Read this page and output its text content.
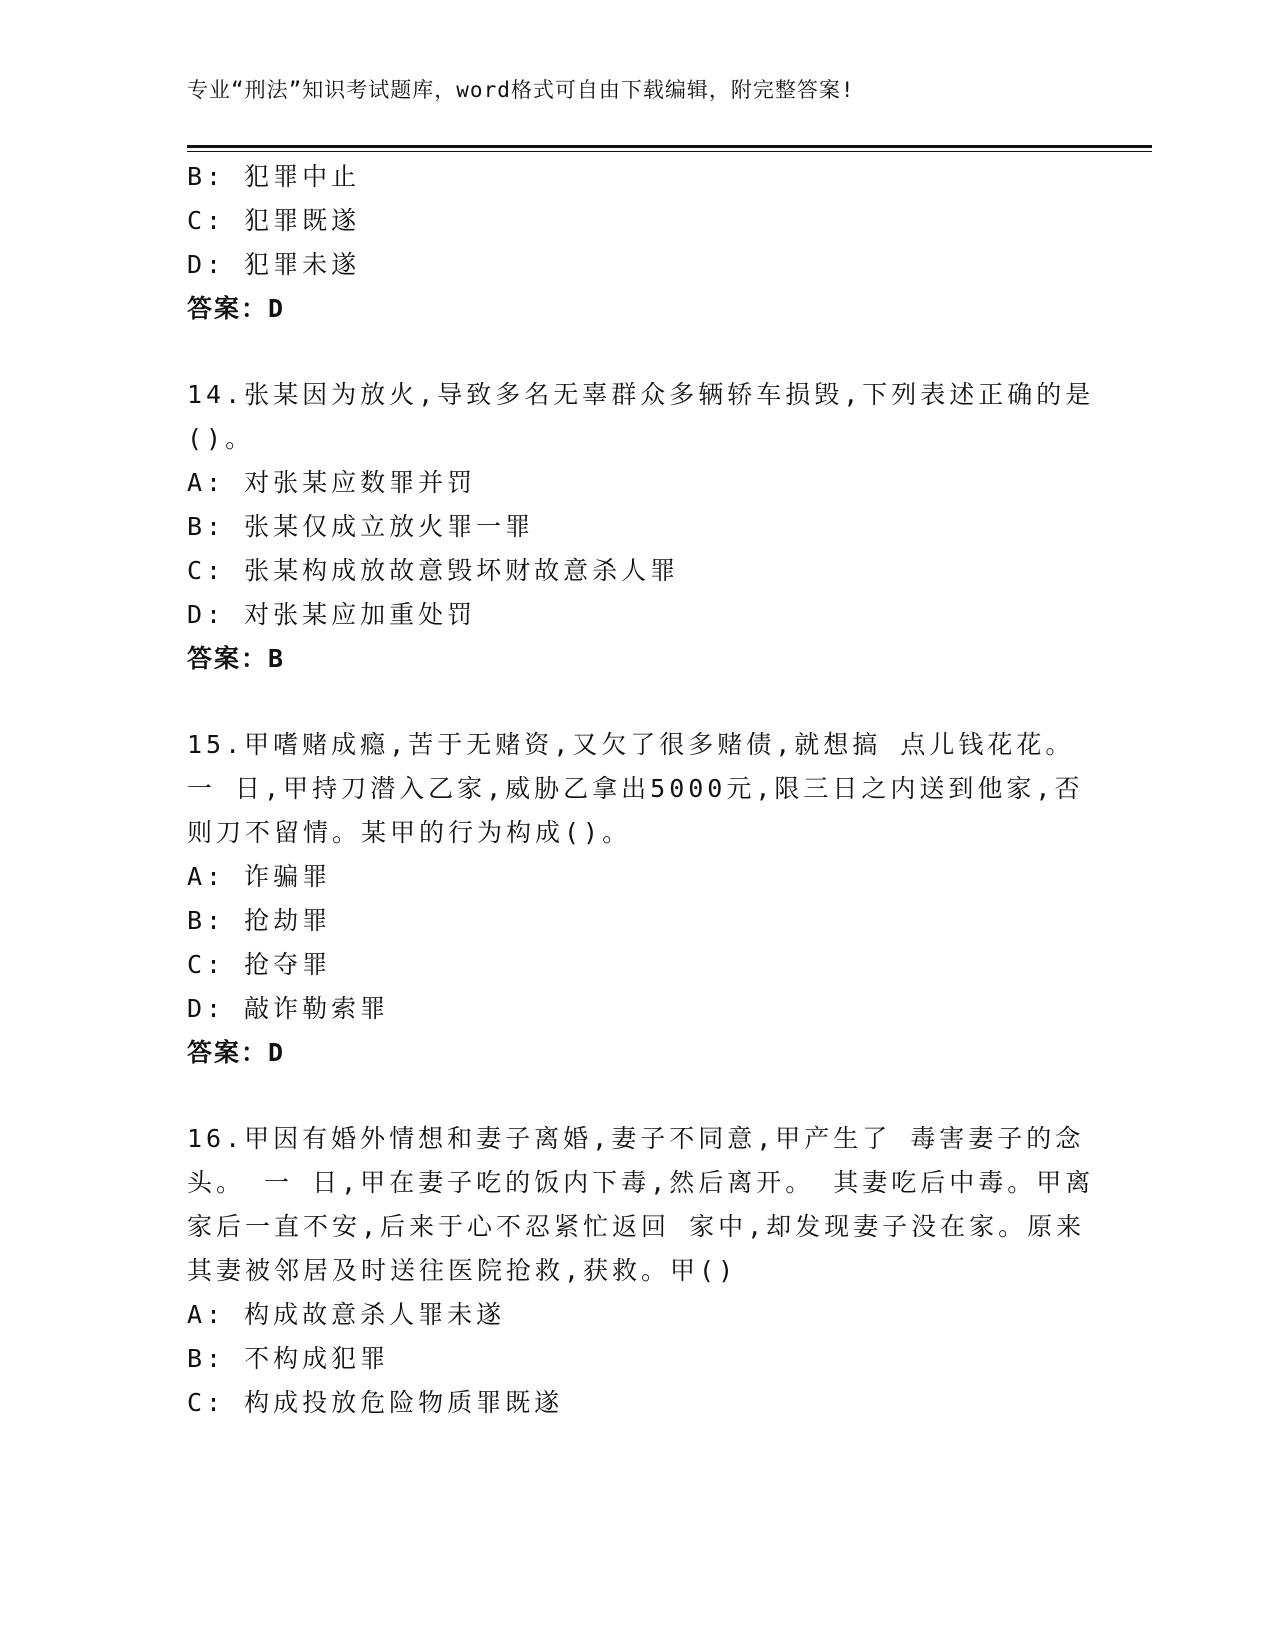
专业“刑法”知识考试题库，word格式可自由下载编辑，附完整答案!
B: 犯罪中止
C: 犯罪既遂
D: 犯罪未遂
答案：D
14.张某因为放火,导致多名无辜群众多辆轿车损毁,下列表述正确的是
()。
A: 对张某应数罪并罚
B: 张某仅成立放火罪一罪
C: 张某构成放故意毁坏财故意杀人罪
D: 对张某应加重处罚
答案：B
15.甲嗜赌成瘾,苦于无赌资,又欠了很多赌债,就想搞 点儿钱花花。
一 日,甲持刀潜入乙家,威胁乙拿出5000元,限三日之内送到他家,否
则刀不留情。某甲的行为构成()。
A: 诈骗罪
B: 抢劫罪
C: 抢夺罪
D: 敲诈勒索罪
答案：D
16.甲因有婚外情想和妻子离婚,妻子不同意,甲产生了 毒害妻子的念
头。 一 日,甲在妻子吃的饭内下毒,然后离开。 其妻吃后中毒。甲离
家后一直不安,后来于心不忍紧忙返回 家中,却发现妻子没在家。原来
其妻被邻居及时送往医院抢救,获救。甲()
A: 构成故意杀人罪未遂
B: 不构成犯罪
C: 构成投放危险物质罪既遂
